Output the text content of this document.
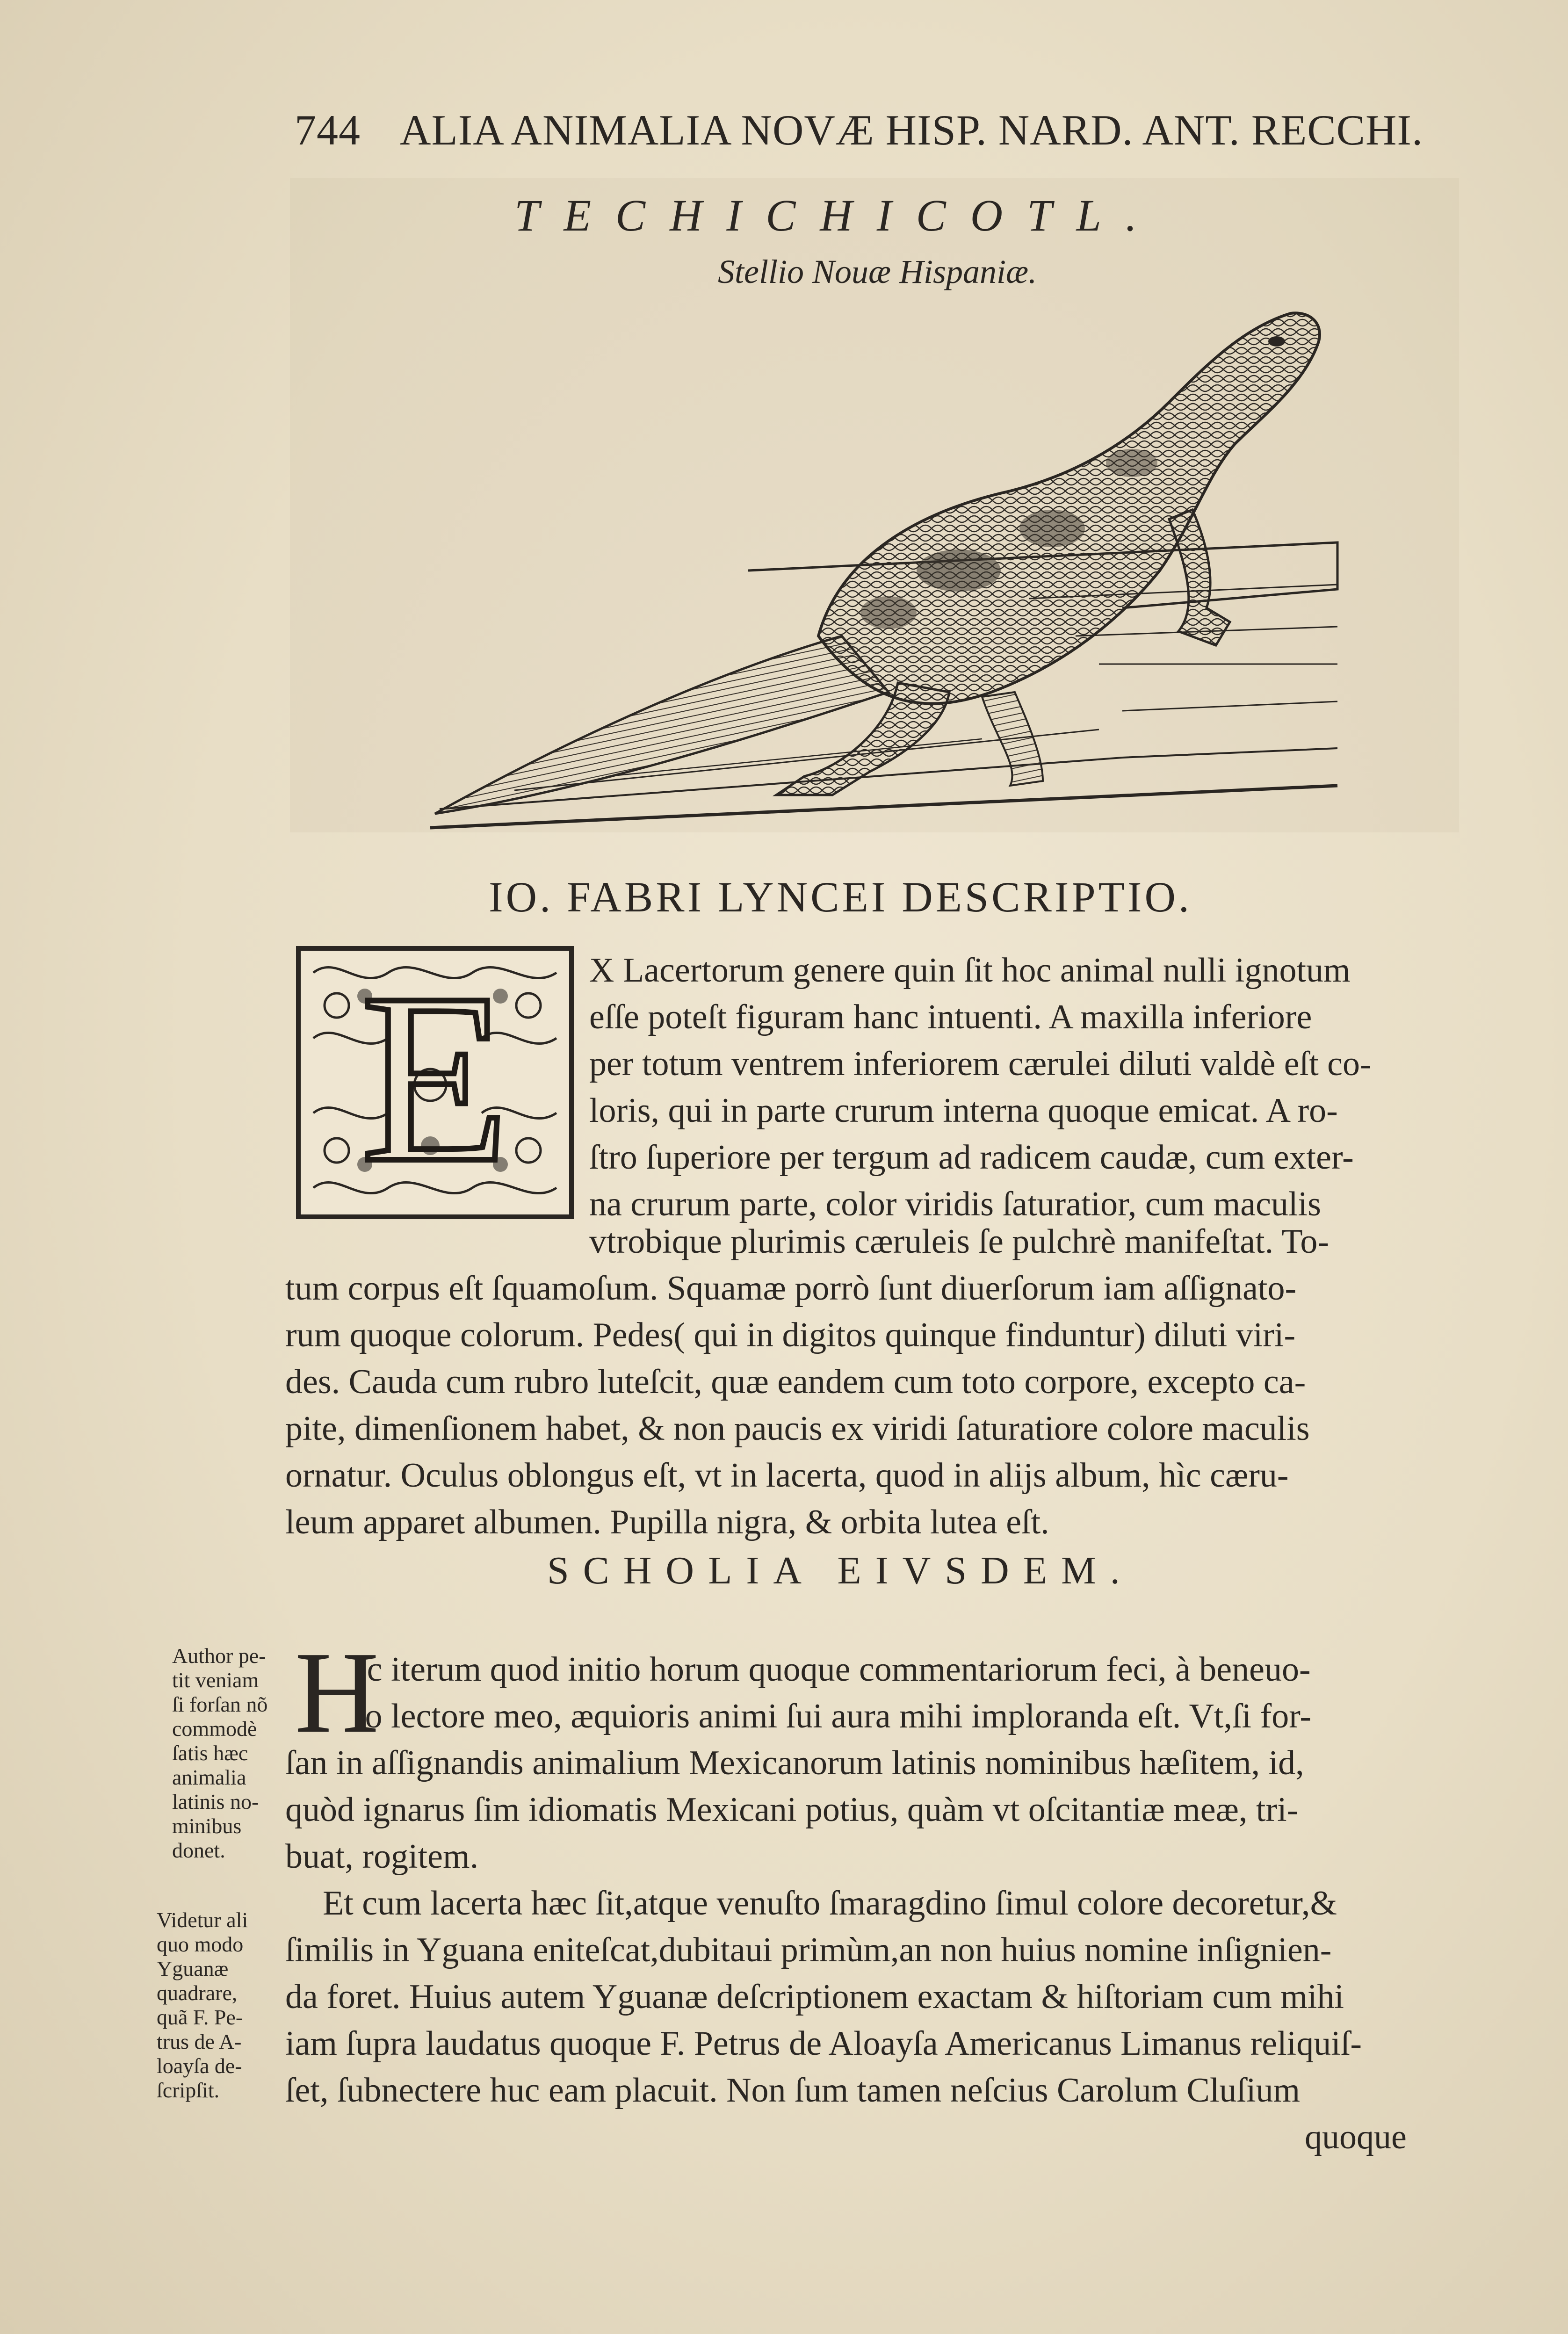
744 ALIA ANIMALIA NOVÆ HISP. NARD. ANT. RECCHI.
TECHICHICOTL.
Stellio Nouæ Hispaniæ.
IO. FABRI LYNCEI DESCRIPTIO.
E X Lacertorum genere quin ſit hoc animal nulli ignotum
eſſe poteſt figuram hanc intuenti. A maxilla inferiore
per totum ventrem inferiorem cærulei diluti valdè eſt co-
loris, qui in parte crurum interna quoque emicat. A ro-
ſtro ſuperiore per tergum ad radicem caudæ, cum exter-
na crurum parte, color viridis ſaturatior, cum maculis
vtrobique plurimis cæruleis ſe pulchrè manifeſtat. To-
tum corpus eſt ſquamoſum. Squamæ porrò ſunt diuerſorum iam aſſignato-
rum quoque colorum. Pedes( qui in digitos quinque finduntur) diluti viri-
des. Cauda cum rubro luteſcit, quæ eandem cum toto corpore, excepto ca-
pite, dimenſionem habet, & non paucis ex viridi ſaturatiore colore maculis
ornatur. Oculus oblongus eſt, vt in lacerta, quod in alijs album, hìc cæru-
leum apparet albumen. Pupilla nigra, & orbita lutea eſt.
SCHOLIA EIVSDEM.
H
Ic iterum quod initio horum quoque commentariorum feci, à beneuo-
lo lectore meo, æquioris animi ſui aura mihi imploranda eſt. Vt,ſi for-
ſan in aſſignandis animalium Mexicanorum latinis nominibus hæſitem, id,
quòd ignarus ſim idiomatis Mexicani potius, quàm vt oſcitantiæ meæ, tri-
buat, rogitem.
Et cum lacerta hæc ſit,atque venuſto ſmaragdino ſimul colore decoretur,&
ſimilis in Yguana eniteſcat,dubitaui primùm,an non huius nomine inſignien-
da foret. Huius autem Yguanæ deſcriptionem exactam & hiſtoriam cum mihi
iam ſupra laudatus quoque F. Petrus de Aloayſa Americanus Limanus reliquiſ-
ſet, ſubnectere huc eam placuit. Non ſum tamen neſcius Carolum Cluſium
quoque
Author pe-
tit veniam
ſi forſan nõ
commodè
ſatis hæc
animalia
latinis no-
minibus
donet.
Videtur ali
quo modo
Yguanæ
quadrare,
quã F. Pe-
trus de A-
loayſa de-
ſcripſit.
